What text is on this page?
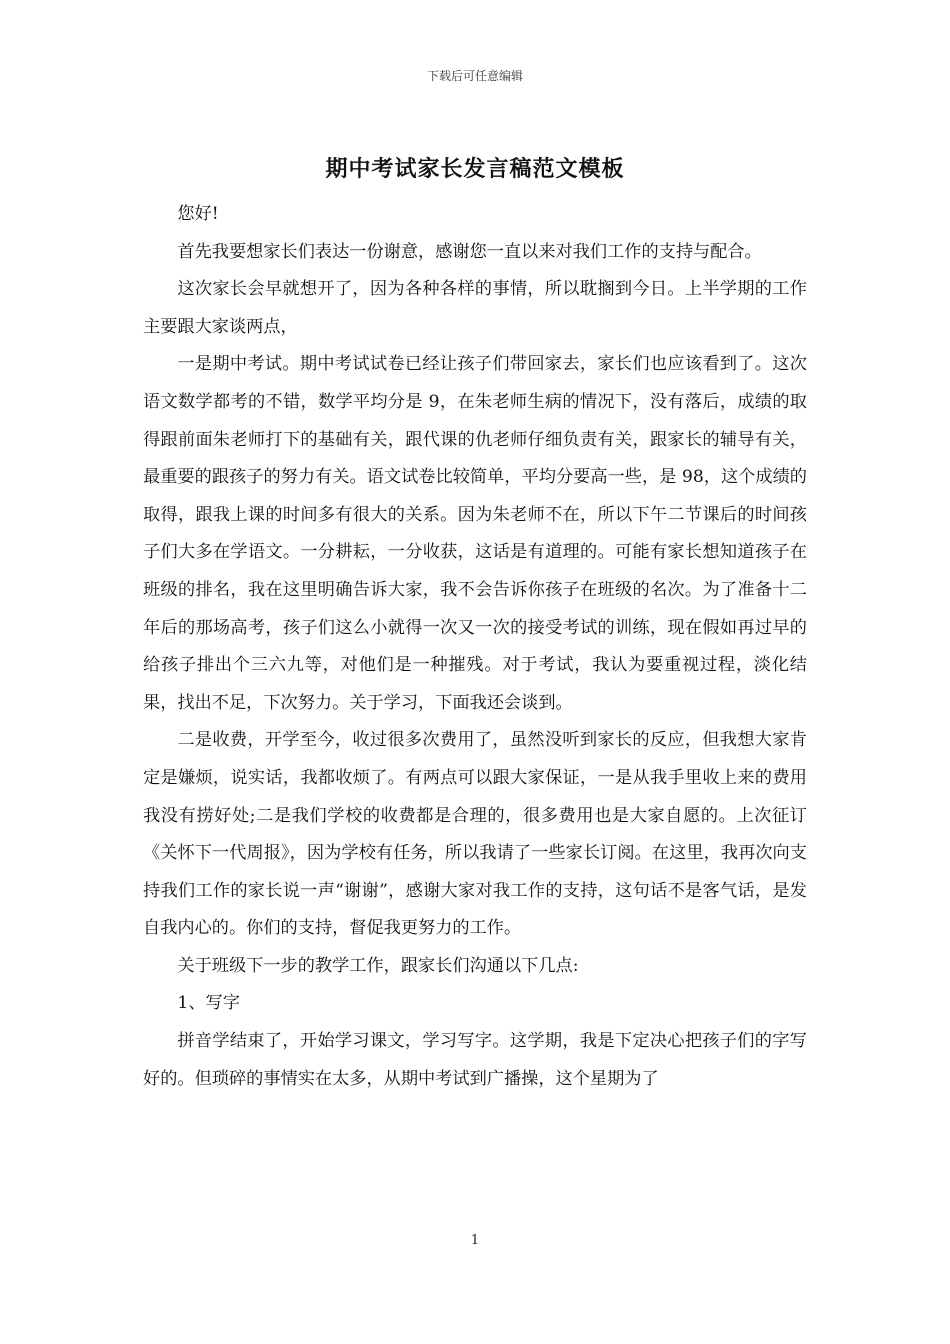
下载后可任意编辑
期中考试家长发言稿范文模板

您好!

首先我要想家长们表达一份谢意，感谢您一直以来对我们工作的支持与配合。

这次家长会早就想开了，因为各种各样的事情，所以耽搁到今日。上半学期的工作主要跟大家谈两点，

一是期中考试。期中考试试卷已经让孩子们带回家去，家长们也应该看到了。这次语文数学都考的不错，数学平均分是 9，在朱老师生病的情况下，没有落后，成绩的取得跟前面朱老师打下的基础有关，跟代课的仇老师仔细负责有关，跟家长的辅导有关，最重要的跟孩子的努力有关。语文试卷比较简单，平均分要高一些，是 98，这个成绩的取得，跟我上课的时间多有很大的关系。因为朱老师不在，所以下午二节课后的时间孩子们大多在学语文。一分耕耘，一分收获，这话是有道理的。可能有家长想知道孩子在班级的排名，我在这里明确告诉大家，我不会告诉你孩子在班级的名次。为了准备十二年后的那场高考，孩子们这么小就得一次又一次的接受考试的训练，现在假如再过早的给孩子排出个三六九等，对他们是一种摧残。对于考试，我认为要重视过程，淡化结果，找出不足，下次努力。关于学习，下面我还会谈到。

二是收费，开学至今，收过很多次费用了，虽然没听到家长的反应，但我想大家肯定是嫌烦，说实话，我都收烦了。有两点可以跟大家保证，一是从我手里收上来的费用我没有捞好处;二是我们学校的收费都是合理的，很多费用也是大家自愿的。上次征订《关怀下一代周报》，因为学校有任务，所以我请了一些家长订阅。在这里，我再次向支持我们工作的家长说一声“谢谢”，感谢大家对我工作的支持，这句话不是客气话，是发自我内心的。你们的支持，督促我更努力的工作。

关于班级下一步的教学工作，跟家长们沟通以下几点:

1、写字

拼音学结束了，开始学习课文，学习写字。这学期，我是下定决心把孩子们的字写好的。但琐碎的事情实在太多，从期中考试到广播操，这个星期为了

1
